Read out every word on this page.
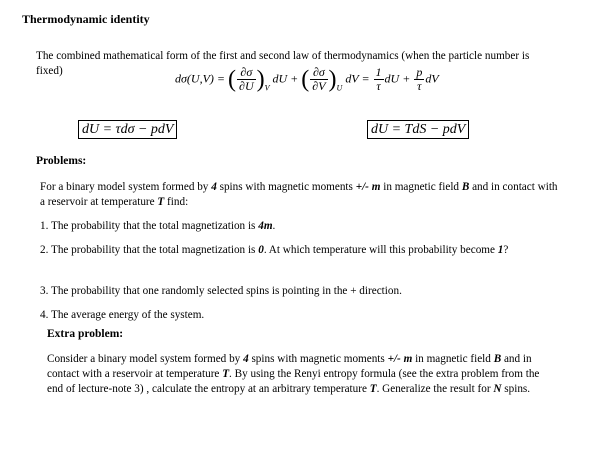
Thermodynamic identity
The combined mathematical form of the first and second law of thermodynamics (when the particle number is fixed)
dσ(U,V) = ( $\frac{\partial\sigma}{\partial U} )_V$ dU + ( $\frac{\partial\sigma}{\partial V} )_U$ dV = $\frac{1}{\tau}$ dU + $\frac{p}{\tau}$ dV
dU = τdσ − pdV	dU = TdS − pdV
Problems:
For a binary model system formed by 4 spins with magnetic moments +/- m in magnetic field B and in contact with a reservoir at temperature T find:
1. The probability that the total magnetization is 4m.
2. The probability that the total magnetization is 0. At which temperature will this probability become 1?
3. The probability that one randomly selected spins is pointing in the + direction.
4. The average energy of the system.
Extra problem:
Consider a binary model system formed by 4 spins with magnetic moments +/- m in magnetic field B and in contact with a reservoir at temperature T. By using the Renyi entropy formula (see the extra problem from the end of lecture-note 3) , calculate the entropy at an arbitrary temperature T. Generalize the result for N spins.
